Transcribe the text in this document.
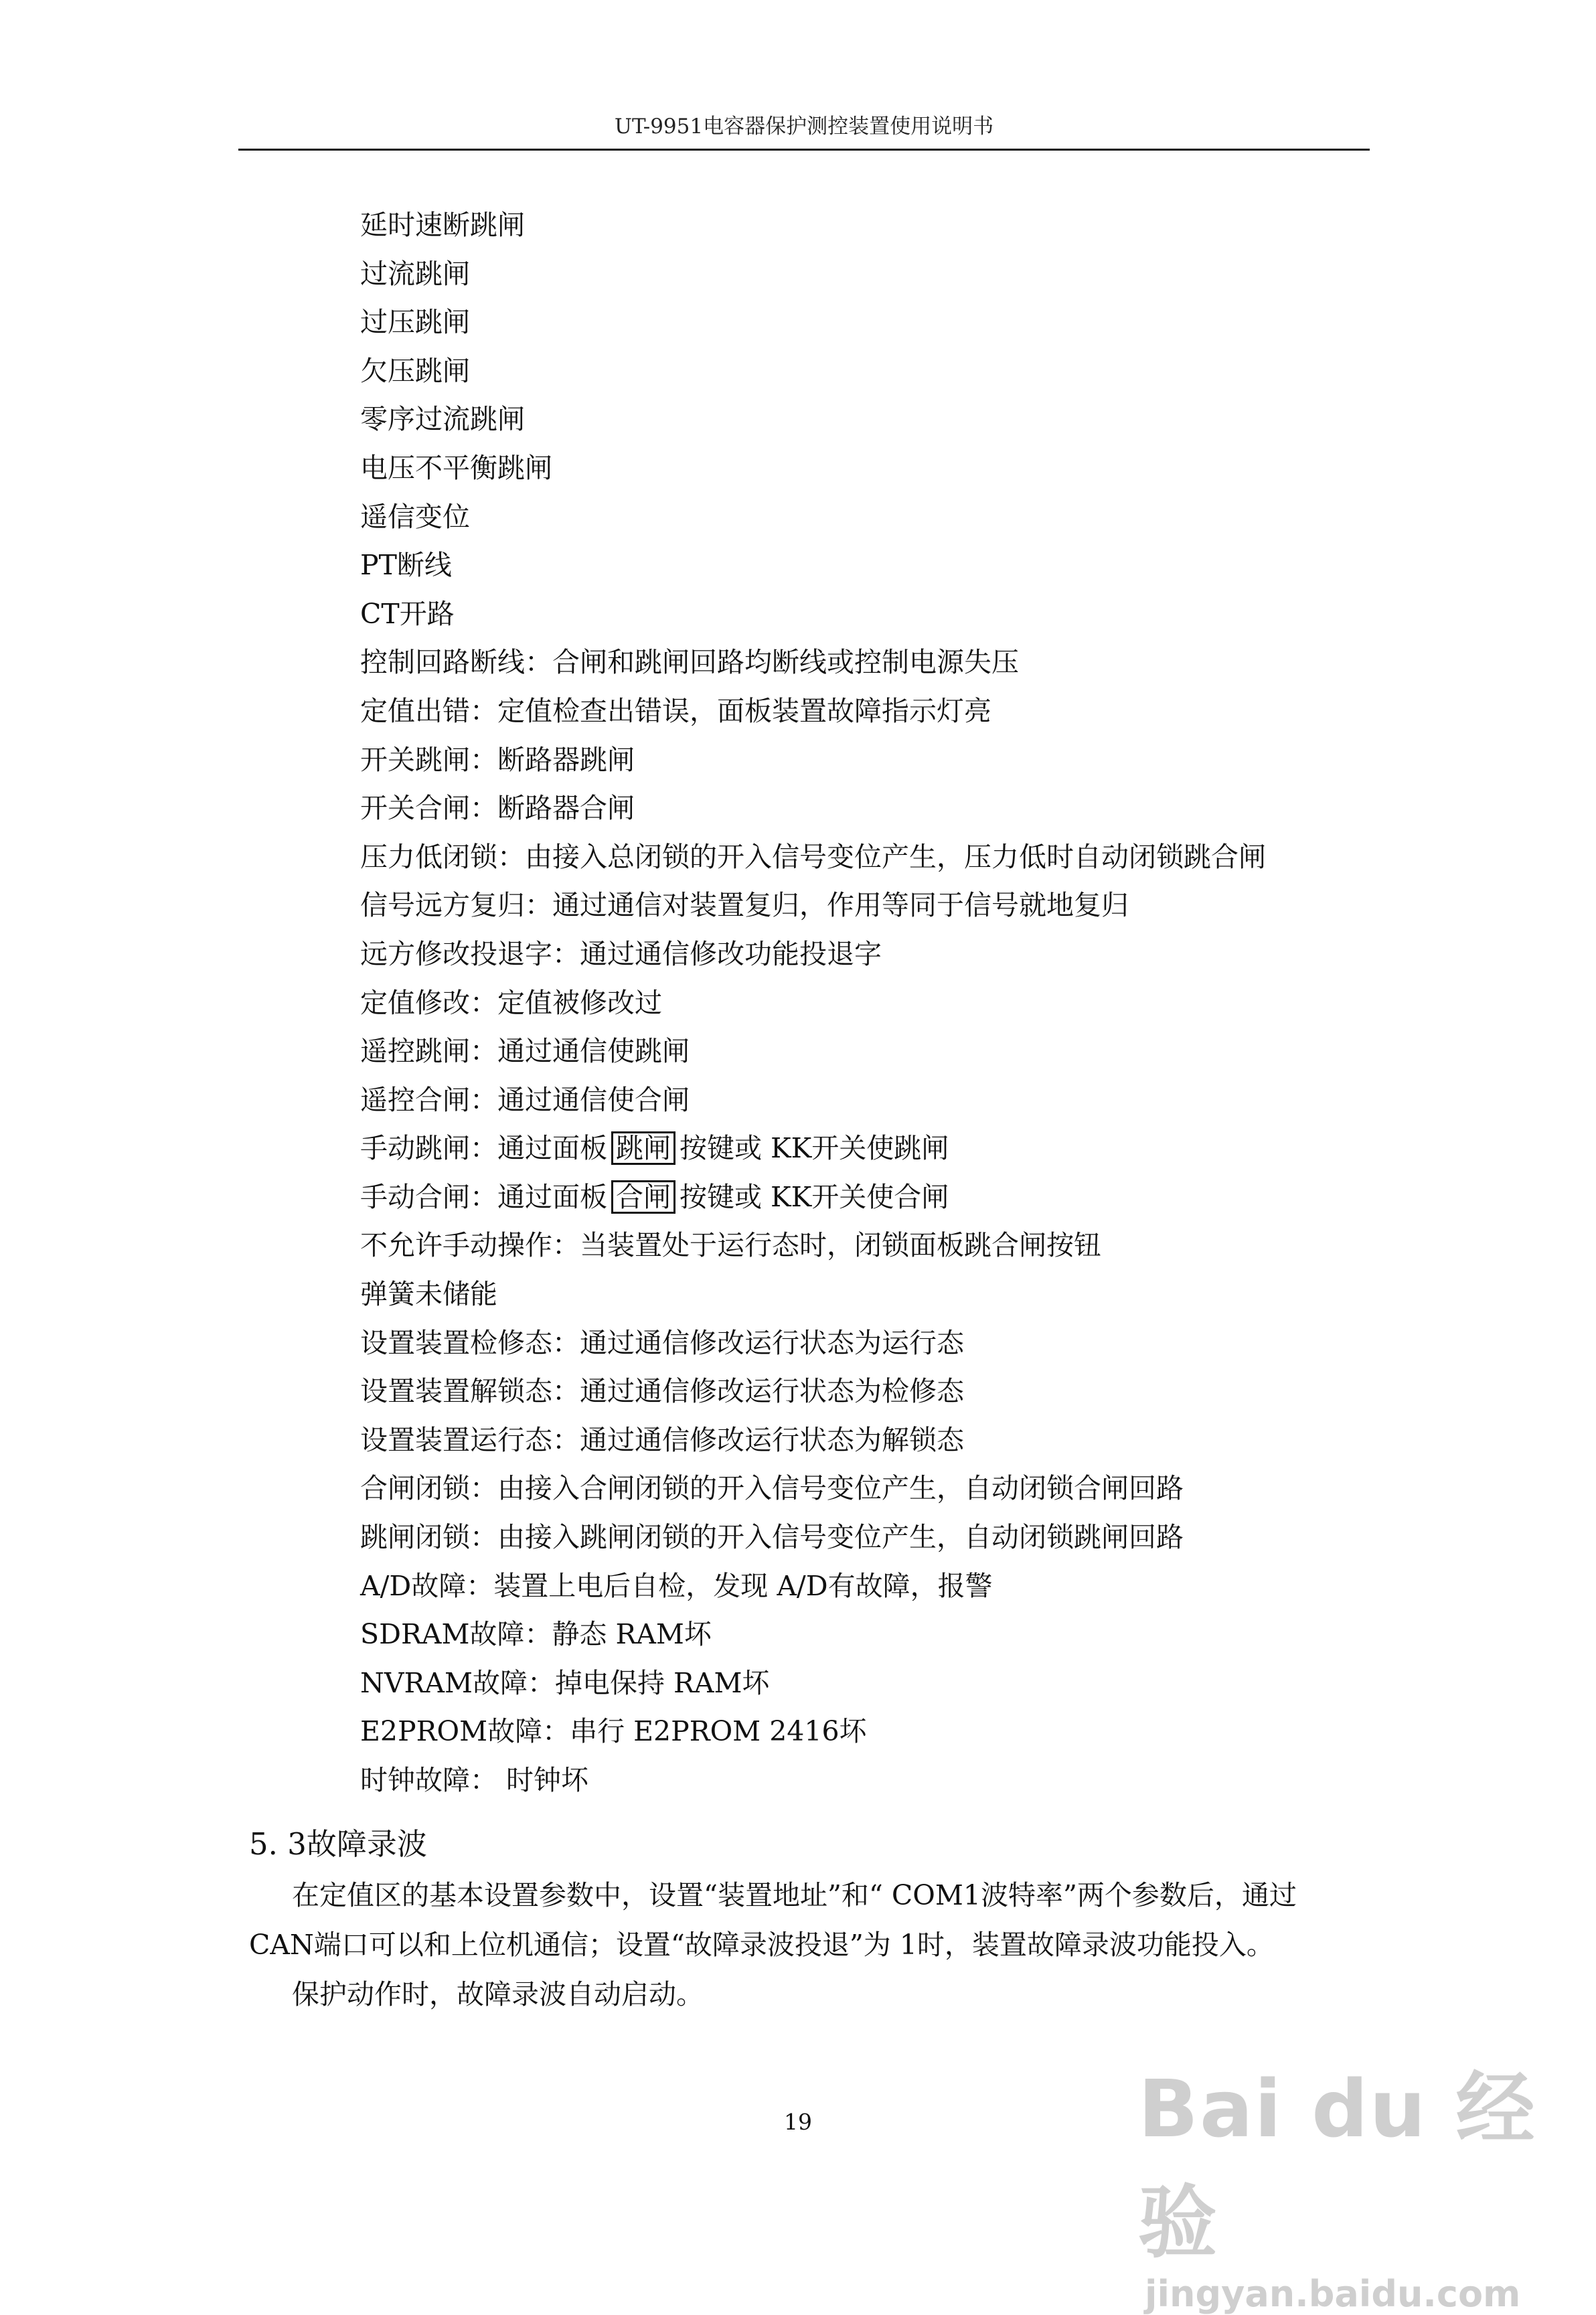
UT-9951电容器保护测控装置使用说明书
延时速断跳闸
过流跳闸
过压跳闸
欠压跳闸
零序过流跳闸
电压不平衡跳闸
遥信变位
PT断线
CT开路
控制回路断线：合闸和跳闸回路均断线或控制电源失压
定值出错：定值检查出错误，面板装置故障指示灯亮
开关跳闸：断路器跳闸
开关合闸：断路器合闸
压力低闭锁：由接入总闭锁的开入信号变位产生，压力低时自动闭锁跳合闸
信号远方复归：通过通信对装置复归，作用等同于信号就地复归
远方修改投退字：通过通信修改功能投退字
定值修改：定值被修改过
遥控跳闸：通过通信使跳闸
遥控合闸：通过通信使合闸
手动跳闸：通过面板 跳闸 按键或 KK开关使跳闸
手动合闸：通过面板 合闸 按键或 KK开关使合闸
不允许手动操作：当装置处于运行态时，闭锁面板跳合闸按钮
弹簧未储能
设置装置检修态：通过通信修改运行状态为运行态
设置装置解锁态：通过通信修改运行状态为检修态
设置装置运行态：通过通信修改运行状态为解锁态
合闸闭锁：由接入合闸闭锁的开入信号变位产生，自动闭锁合闸回路
跳闸闭锁：由接入跳闸闭锁的开入信号变位产生，自动闭锁跳闸回路
A/D故障：装置上电后自检，发现 A/D有故障，报警
SDRAM故障：静态 RAM坏
NVRAM故障：掉电保持 RAM坏
E2PROM故障：串行 E2PROM 2416坏
时钟故障： 时钟坏
5. 3故障录波
在定值区的基本设置参数中，设置“装置地址”和“ COM1波特率”两个参数后，通过
CAN端口可以和上位机通信；设置“故障录波投退”为 1时，装置故障录波功能投入。
保护动作时，故障录波自动启动。
19	Bai du 经验
jingyan.baidu.com
